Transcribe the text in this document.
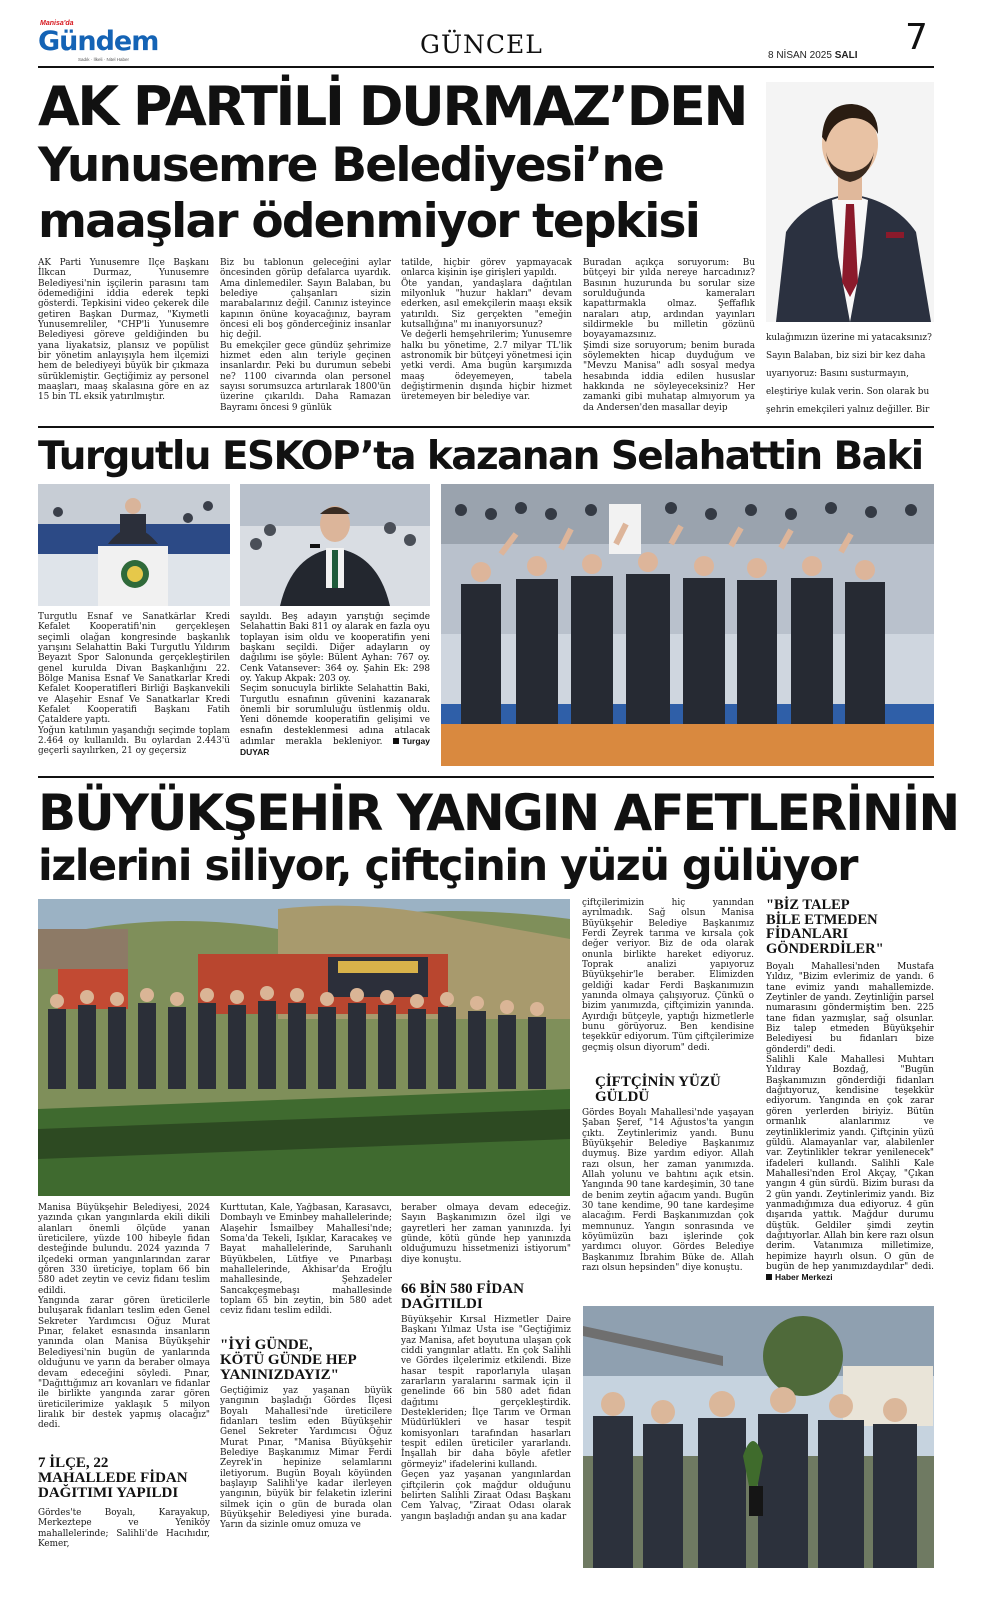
Manisa'da
Gündem
Sadık · İlkeli · Nitel Haber
GÜNCEL	8 NİSAN 2025 SALI 7
AK PARTİLİ DURMAZ’DEN
Yunusemre Belediyesi’ne
maaşlar ödenmiyor tepkisi
AK Parti Yunusemre İlçe Başkanı İlkcan Durmaz, Yunusemre Belediyesi'nin işçilerin parasını tam ödemediğini iddia ederek tepki gösterdi. Tepkisini video çekerek dile getiren Başkan Durmaz, "Kıymetli Yunusemreliler, "CHP'li Yunusemre Belediyesi göreve geldiğinden bu yana liyakatsiz, plansız ve popülist bir yönetim anlayışıyla hem ilçemizi hem de belediyeyi büyük bir çıkmaza sürüklemiştir. Geçtiğimiz ay personel maaşları, maaş skalasına göre en az 15 bin TL eksik yatırılmıştır.
Biz bu tablonun geleceğini aylar öncesinden görüp defalarca uyardık. Ama dinlemediler. Sayın Balaban, bu belediye çalışanları sizin marabalarınız değil. Canınız isteyince kapının önüne koyacağınız, bayram öncesi eli boş gönderceğiniz insanlar hiç değil.
Bu emekçiler gece gündüz şehrimize hizmet eden alın teriyle geçinen insanlardır. Peki bu durumun sebebi ne? 1100 civarında olan personel sayısı sorumsuzca artırılarak 1800'ün üzerine çıkarıldı. Daha Ramazan Bayramı öncesi 9 günlük
tatilde, hiçbir görev yapmayacak onlarca kişinin işe girişleri yapıldı.
Öte yandan, yandaşlara dağıtılan milyonluk "huzur hakları" devam ederken, asıl emekçilerin maaşı eksik yatırıldı. Siz gerçekten "emeğin kutsallığına" mı inanıyorsunuz?
Ve değerli hemşehrilerim; Yunusemre halkı bu yönetime, 2.7 milyar TL'lik astronomik bir bütçeyi yönetmesi için yetki verdi. Ama bugün karşımızda maaş ödeyemeyen, tabela değiştirmenin dışında hiçbir hizmet üretemeyen bir belediye var.
Buradan açıkça soruyorum: Bu bütçeyi bir yılda nereye harcadınız? Basının huzurunda bu sorular size sorulduğunda kameraları kapattırmakla olmaz. Şeffaflık naraları atıp, ardından yayınları sildirmekle bu milletin gözünü boyayamazsınız.
Şimdi size soruyorum; benim burada söylemekten hicap duyduğum ve "Mevzu Manisa" adlı sosyal medya hesabında iddia edilen hususlar hakkında ne söyleyeceksiniz? Her zamanki gibi muhatap almıyorum ya da Andersen'den masallar deyip
kulağımızın üzerine mi yatacaksınız?
Sayın Balaban, biz sizi bir kez daha uyarıyoruz: Basını susturmayın, eleştiriye kulak verin. Son olarak bu şehrin emekçileri yalnız değiller. Bir
Turgutlu ESKOP’ta kazanan Selahattin Baki
Turgutlu Esnaf ve Sanatkârlar Kredi Kefalet Kooperatifi'nin gerçekleşen seçimli olağan kongresinde başkanlık yarışını Selahattin Baki Turgutlu Yıldırım Beyazıt Spor Salonunda gerçekleştirilen genel kurulda Divan Başkanlığını 22. Bölge Manisa Esnaf Ve Sanatkarlar Kredi Kefalet Kooperatifleri Birliği Başkanvekili ve Alaşehir Esnaf Ve Sanatkarlar Kredi Kefalet Kooperatifi Başkanı Fatih Çataldere yaptı.
Yoğun katılımın yaşandığı seçimde toplam 2.464 oy kullanıldı. Bu oylardan 2.443'ü geçerli sayılırken, 21 oy geçersiz
sayıldı. Beş adayın yarıştığı seçimde Selahattin Baki 811 oy alarak en fazla oyu toplayan isim oldu ve kooperatifin yeni başkanı seçildi. Diğer adayların oy dağılımı ise şöyle: Bülent Ayhan: 767 oy. Cenk Vatansever: 364 oy. Şahin Ek: 298 oy. Yakup Akpak: 203 oy.
Seçim sonucuyla birlikte Selahattin Baki, Turgutlu esnafının güvenini kazanarak önemli bir sorumluluğu üstlenmiş oldu. Yeni dönemde kooperatifin gelişimi ve esnafın desteklenmesi adına atılacak adımlar merakla bekleniyor. Turgay DUYAR
BÜYÜKŞEHİR YANGIN AFETLERİNİN
izlerini siliyor, çiftçinin yüzü gülüyor
çiftçilerimizin hiç yanından ayrılmadık. Sağ olsun Manisa Büyükşehir Belediye Başkanımız Ferdi Zeyrek tarıma ve kırsala çok değer veriyor. Biz de oda olarak onunla birlikte hareket ediyoruz. Toprak analizi yapıyoruz Büyükşehir'le beraber. Elimizden geldiği kadar Ferdi Başkanımızın yanında olmaya çalışıyoruz. Çünkü o bizim yanımızda, çiftçimizin yanında. Ayırdığı bütçeyle, yaptığı hizmetlerle bunu görüyoruz. Ben kendisine teşekkür ediyorum. Tüm çiftçilerimize geçmiş olsun diyorum" dedi.
ÇİFTÇİNİN YÜZÜ
GÜLDÜ
Gördes Boyalı Mahallesi'nde yaşayan Şaban Şeref, "14 Ağustos'ta yangın çıktı. Zeytinlerimiz yandı. Bunu Büyükşehir Belediye Başkanımız duymuş. Bize yardım ediyor. Allah razı olsun, her zaman yanımızda. Allah yolunu ve bahtını açık etsin. Yangında 90 tane kardeşimin, 30 tane de benim zeytin ağacım yandı. Bugün 30 tane kendime, 90 tane kardeşime alacağım. Ferdi Başkanımızdan çok memnunuz. Yangın sonrasında ve köyümüzün bazı işlerinde çok yardımcı oluyor. Gördes Belediye Başkanımız İbrahim Büke de. Allah razı olsun hepsinden" diye konuştu.
"BİZ TALEP
BİLE ETMEDEN
FİDANLARI
GÖNDERDİLER"
Boyalı Mahallesi'nden Mustafa Yıldız, "Bizim evlerimiz de yandı. 6 tane evimiz yandı mahallemizde. Zeytinler de yandı. Zeytinliğin parsel numarasını göndermiştim ben. 225 tane fidan yazmışlar, sağ olsunlar. Biz talep etmeden Büyükşehir Belediyesi bu fidanları bize gönderdi" dedi.
Salihli Kale Mahallesi Muhtarı Yıldıray Bozdağ, "Bugün Başkanımızın gönderdiği fidanları dağıtıyoruz, kendisine teşekkür ediyorum. Yangında en çok zarar gören yerlerden biriyiz. Bütün ormanlık alanlarımız ve zeytinliklerimiz yandı. Çiftçinin yüzü güldü. Alamayanlar var, alabilenler var. Zeytinlikler tekrar yenilenecek" ifadeleri kullandı. Salihli Kale Mahallesi'nden Erol Akçay, "Çıkan yangın 4 gün sürdü. Bizim burası da 2 gün yandı. Zeytinlerimiz yandı. Biz yanmadığımıza dua ediyoruz. 4 gün dışarıda yattık. Mağdur durumu düştük. Geldiler şimdi zeytin dağıtıyorlar. Allah bin kere razı olsun derim. Vatanımıza milletimize, hepimize hayırlı olsun. O gün de bugün de hep yanımızdaydılar" dedi. Haber Merkezi
Manisa Büyükşehir Belediyesi, 2024 yazında çıkan yangınlarda ekili dikili alanları önemli ölçüde yanan üreticilere, yüzde 100 hibeyle fidan desteğinde bulundu. 2024 yazında 7 ilçedeki orman yangınlarından zarar gören 330 üreticiye, toplam 66 bin 580 adet zeytin ve ceviz fidanı teslim edildi.
Yangında zarar gören üreticilerle buluşarak fidanları teslim eden Genel Sekreter Yardımcısı Oğuz Murat Pınar, felaket esnasında insanların yanında olan Manisa Büyükşehir Belediyesi'nin bugün de yanlarında olduğunu ve yarın da beraber olmaya devam edeceğini söyledi. Pınar, "Dağıttığımız arı kovanları ve fidanlar ile birlikte yangında zarar gören üreticilerimize yaklaşık 5 milyon liralık bir destek yapmış olacağız" dedi.
7 İLÇE, 22
MAHALLEDE FİDAN
DAĞITIMI YAPILDI
Gördes'te Boyalı, Karayakup, Merkeztepe ve Yeniköy mahallelerinde; Salihli'de Hacıhıdır, Kemer,
Kurttutan, Kale, Yağbasan, Karasavcı, Dombaylı ve Eminbey mahallelerinde; Alaşehir İsmailbey Mahallesi'nde; Soma'da Tekeli, Işıklar, Karacakeş ve Bayat mahallelerinde, Saruhanlı Büyükbelen, Lütfiye ve Pınarbaşı mahallelerinde, Akhisar'da Eroğlu mahallesinde, Şehzadeler Sancakçeşmebaşı mahallesinde toplam 65 bin zeytin, bin 580 adet ceviz fidanı teslim edildi.
"İYİ GÜNDE,
KÖTÜ GÜNDE HEP
YANINIZDAYIZ"
Geçtiğimiz yaz yaşanan büyük yangının başladığı Gördes İlçesi Boyalı Mahallesi'nde üreticilere fidanları teslim eden Büyükşehir Genel Sekreter Yardımcısı Oğuz Murat Pınar, "Manisa Büyükşehir Belediye Başkanımız Mimar Ferdi Zeyrek'in hepinize selamlarını iletiyorum. Bugün Boyalı köyünden başlayıp Salihli'ye kadar ilerleyen yangının, büyük bir felaketin izlerini silmek için o gün de burada olan Büyükşehir Belediyesi yine burada. Yarın da sizinle omuz omuza ve
beraber olmaya devam edeceğiz. Sayın Başkanımızın özel ilgi ve gayretleri her zaman yanınızda. İyi günde, kötü günde hep yanınızda olduğumuzu hissetmenizi istiyorum" diye konuştu.
66 BİN 580 FİDAN
DAĞITILDI
Büyükşehir Kırsal Hizmetler Daire Başkanı Yılmaz Usta ise "Geçtiğimiz yaz Manisa, afet boyutuna ulaşan çok ciddi yangınlar atlattı. En çok Salihli ve Gördes ilçelerimiz etkilendi. Bize hasar tespit raporlarıyla ulaşan zararların yaralarını sarmak için il genelinde 66 bin 580 adet fidan dağıtımı gerçekleştirdik. Destekleriden; İlçe Tarım ve Orman Müdürlükleri ve hasar tespit komisyonları tarafından hasarları tespit edilen üreticiler yararlandı. İnşallah bir daha böyle afetler görmeyiz" ifadelerini kullandı.
Geçen yaz yaşanan yangınlardan çiftçilerin çok mağdur olduğunu belirten Salihli Ziraat Odası Başkanı Cem Yalvaç, "Ziraat Odası olarak yangın başladığı andan şu ana kadar
